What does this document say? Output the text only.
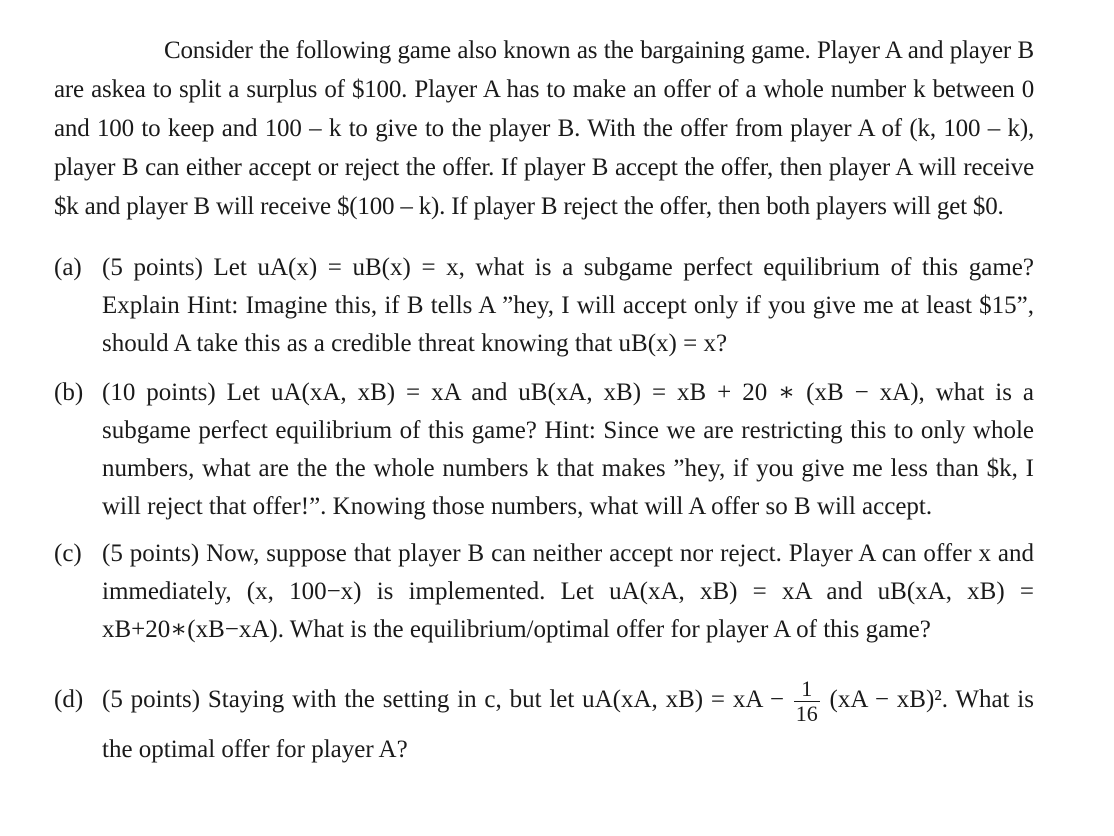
Consider the following game also known as the bargaining game. Player A and player B are askea to split a surplus of $100. Player A has to make an offer of a whole number k between 0 and 100 to keep and 100 – k to give to the player B. With the offer from player A of (k, 100 – k), player B can either accept or reject the offer. If player B accept the offer, then player A will receive $k and player B will receive $(100 – k). If player B reject the offer, then both players will get $0.

(a) (5 points) Let uA(x) = uB(x) = x, what is a subgame perfect equilibrium of this game? Explain Hint: Imagine this, if B tells A ”hey, I will accept only if you give me at least $15”, should A take this as a credible threat knowing that uB(x) = x?
(b) (10 points) Let uA(xA, xB) = xA and uB(xA, xB) = xB + 20 ∗ (xB − xA), what is a subgame perfect equilibrium of this game? Hint: Since we are restricting this to only whole numbers, what are the the whole numbers k that makes ”hey, if you give me less than $k, I will reject that offer!”. Knowing those numbers, what will A offer so B will accept.
(c) (5 points) Now, suppose that player B can neither accept nor reject. Player A can offer x and immediately, (x, 100−x) is implemented. Let uA(xA, xB) = xA and uB(xA, xB) = xB+20∗(xB−xA). What is the equilibrium/optimal offer for player A of this game?
(d) (5 points) Staying with the setting in c, but let uA(xA, xB) = xA − $\frac{1}{16} (xA - xB)^2$. What is the optimal offer for player A?
